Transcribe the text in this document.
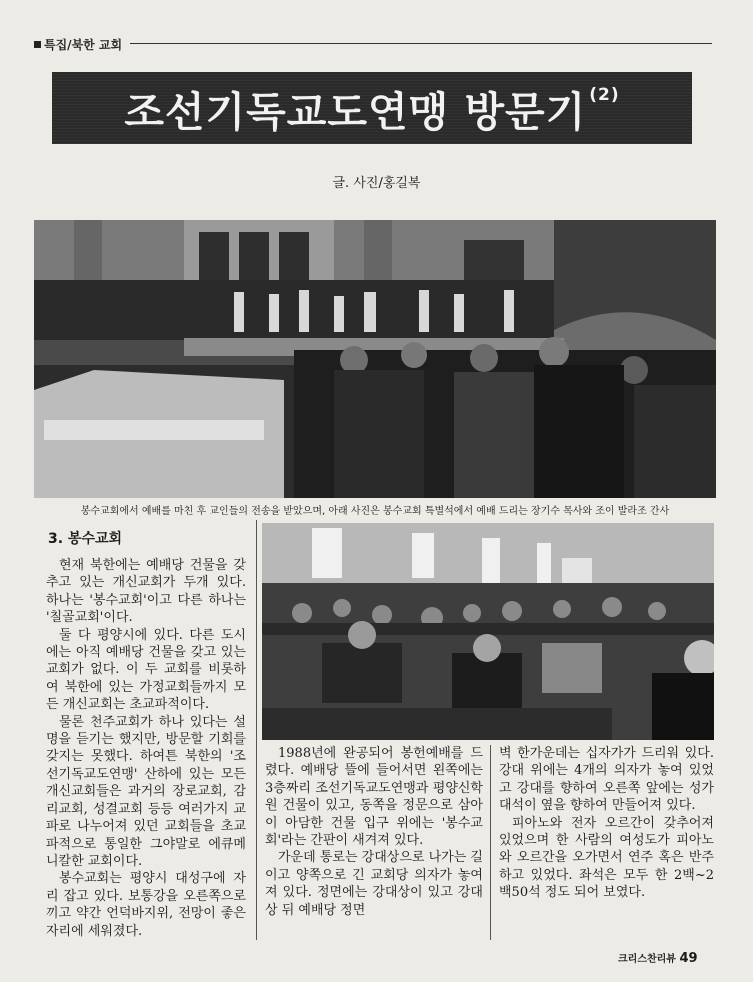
특집/북한 교회
조선기독교도연맹 방문기 $^{(2)}$
글. 사진/홍길복
봉수교회에서 예배를 마친 후 교인들의 전송을 받았으며, 아래 사진은 봉수교회 특별석에서 예배 드리는 장기수 목사와 조이 발라조 간사
3. 봉수교회

현재 북한에는 예배당 건물을 갖추고 있는 개신교회가 두개 있다. 하나는 '봉수교회'이고 다른 하나는 '칠골교회'이다.

둘 다 평양시에 있다. 다른 도시에는 아직 예배당 건물을 갖고 있는 교회가 없다. 이 두 교회를 비롯하여 북한에 있는 가정교회들까지 모든 개신교회는 초교파적이다.

물론 천주교회가 하나 있다는 설명을 듣기는 했지만, 방문할 기회를 갖지는 못했다. 하여튼 북한의 '조선기독교도연맹' 산하에 있는 모든 개신교회들은 과거의 장로교회, 감리교회, 성결교회 등등 여러가지 교파로 나누어져 있던 교회들을 초교파적으로 통일한 그야말로 에큐메니칼한 교회이다.

봉수교회는 평양시 대성구에 자리 잡고 있다. 보통강을 오른쪽으로 끼고 약간 언덕바지위, 전망이 좋은 자리에 세워졌다.

1988년에 완공되어 봉헌예배를 드렸다. 예배당 뜰에 들어서면 왼쪽에는 3층짜리 조선기독교도연맹과 평양신학원 건물이 있고, 동쪽을 정문으로 삼아 이 아담한 건물 입구 위에는 '봉수교회'라는 간판이 새겨져 있다.

가운데 통로는 강대상으로 나가는 길이고 양쪽으로 긴 교회당 의자가 놓여져 있다. 정면에는 강대상이 있고 강대상 뒤 예배당 정면

벽 한가운데는 십자가가 드리워 있다. 강대 위에는 4개의 의자가 놓여 있었고 강대를 향하여 오른쪽 앞에는 성가대석이 옆을 향하여 만들어져 있다.

피아노와 전자 오르간이 갖추어져 있었으며 한 사람의 여성도가 피아노와 오르간을 오가면서 연주 혹은 반주하고 있었다. 좌석은 모두 한 2백~2백50석 정도 되어 보였다.

크리스찬리뷰 49
